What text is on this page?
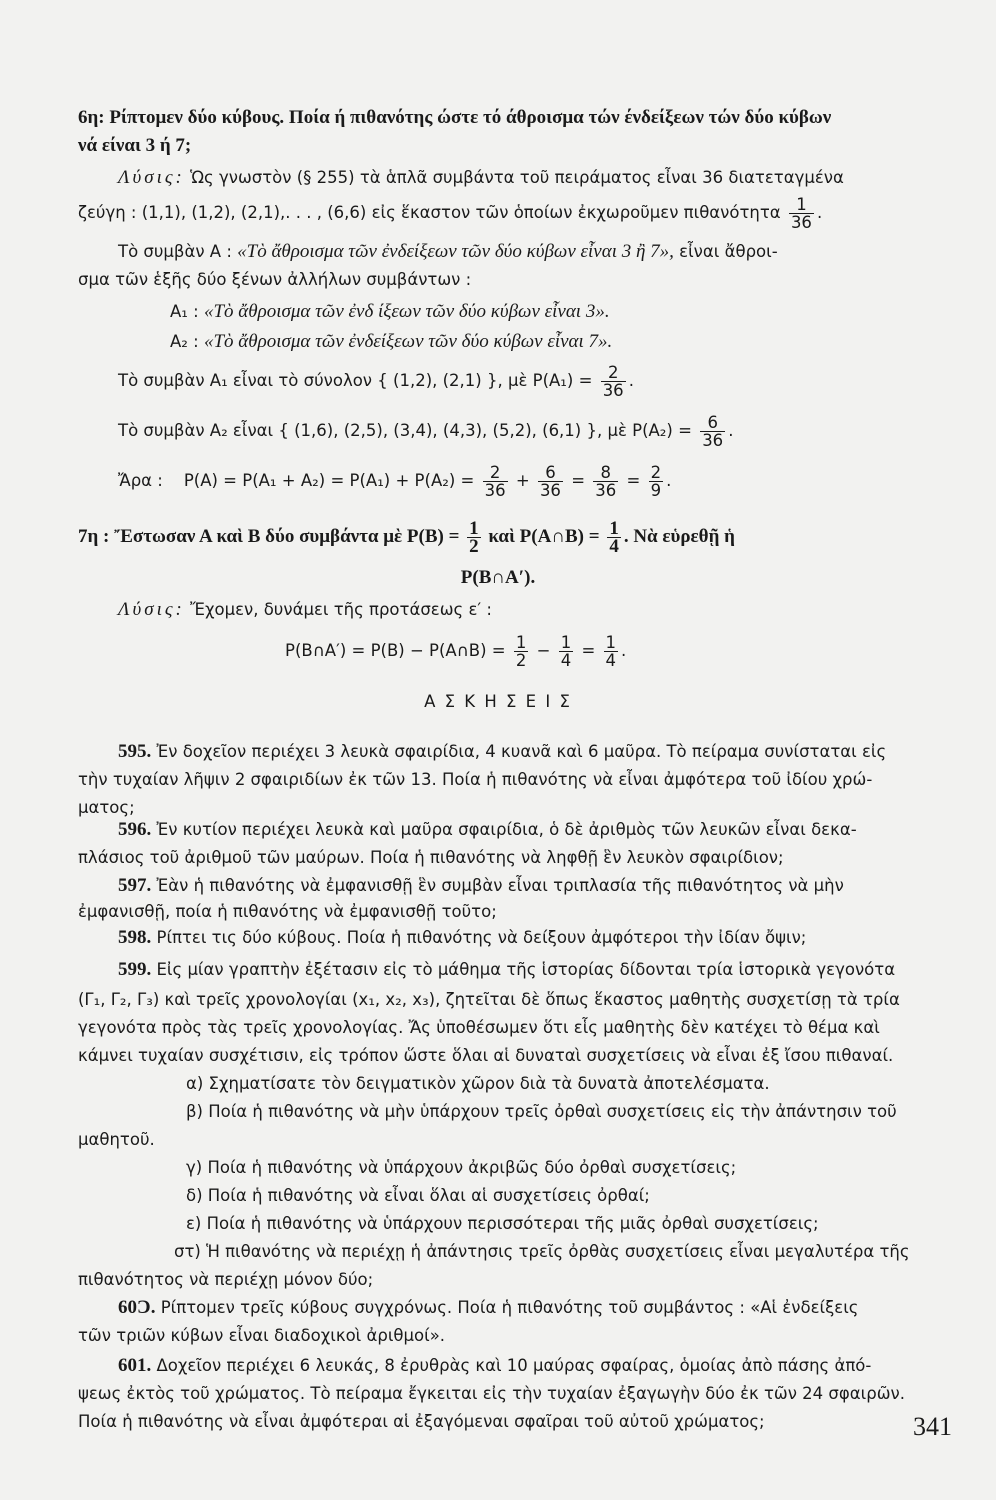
6η: Ρίπτομεν δύο κύβους. Ποία ή πιθανότης ώστε τό άθροισμα τών ένδείξεων τών δύο κύβων
νά είναι 3 ή 7;
Λύσις: Ὡς γνωστὸν (§ 255) τὰ ἁπλᾶ συμβάντα τοῦ πειράματος εἶναι 36 διατεταγμένα
ζεύγη : (1,1), (1,2), (2,1),. . . , (6,6) εἰς ἕκαστον τῶν ὁποίων ἐκχωροῦμεν πιθανότητα $\frac{1}{36}$ .
Τὸ συμβὰν Α : «Τὸ ἄθροισμα τῶν ἐνδείξεων τῶν δύο κύβων εἶναι 3 ἢ 7», εἶναι ἄθροι-
σμα τῶν ἑξῆς δύο ξένων ἀλλήλων συμβάντων :
Α₁ : «Τὸ ἄθροισμα τῶν ἐνδ ίξεων τῶν δύο κύβων εἶναι 3».
Α₂ : «Τὸ ἄθροισμα τῶν ἐνδείξεων τῶν δύο κύβων εἶναι 7».
Τὸ συμβὰν Α₁ εἶναι τὸ σύνολον { (1,2), (2,1) }, μὲ $P(A_1) = \frac{2}{36}$ .
Τὸ συμβὰν Α₂ εἶναι { (1,6), (2,5), (3,4), (4,3), (5,2), (6,1) }, μὲ $P(A_2) = \frac{6}{36}$ .
Ἄρα : $P(A) = P(A_1 + A_2) = P(A_1) + P(A_2) = \frac{2}{36} + \frac{6}{36} = \frac{8}{36} = \frac{2}{9}$ .
7η : Ἔστωσαν Α καὶ Β δύο συμβάντα μὲ $P(B) = \frac{1}{2}$ καὶ P(A∩B) = $\frac{1}{4}$ . Νὰ εὑρεθῇ ἡ
P(B∩A′).
Λύσις: Ἔχομεν, δυνάμει τῆς προτάσεως ε′ :
P(B∩A′) = P(B) − P(A∩B) = $\frac{1}{2} - \frac{1}{4} = \frac{1}{4}$ .
Α Σ Κ Η Σ Ε Ι Σ
595. Ἐν δοχεῖον περιέχει 3 λευκὰ σφαιρίδια, 4 κυανᾶ καὶ 6 μαῦρα. Τὸ πείραμα συνίσταται εἰς
τὴν τυχαίαν λῆψιν 2 σφαιριδίων ἐκ τῶν 13. Ποία ἡ πιθανότης νὰ εἶναι ἀμφότερα τοῦ ἰδίου χρώ-
ματος;
596. Ἐν κυτίον περιέχει λευκὰ καὶ μαῦρα σφαιρίδια, ὁ δὲ ἀριθμὸς τῶν λευκῶν εἶναι δεκα-
πλάσιος τοῦ ἀριθμοῦ τῶν μαύρων. Ποία ἡ πιθανότης νὰ ληφθῇ ἓν λευκὸν σφαιρίδιον;
597. Ἐὰν ἡ πιθανότης νὰ ἐμφανισθῇ ἓν συμβὰν εἶναι τριπλασία τῆς πιθανότητος νὰ μὴν
ἐμφανισθῇ, ποία ἡ πιθανότης νὰ ἐμφανισθῇ τοῦτο;
598. Ρίπτει τις δύο κύβους. Ποία ἡ πιθανότης νὰ δείξουν ἀμφότεροι τὴν ἰδίαν ὄψιν;
599. Εἰς μίαν γραπτὴν ἐξέτασιν εἰς τὸ μάθημα τῆς ἱστορίας δίδονται τρία ἱστορικὰ γεγονότα
(Γ₁, Γ₂, Γ₃) καὶ τρεῖς χρονολογίαι (x₁, x₂, x₃), ζητεῖται δὲ ὅπως ἕκαστος μαθητὴς συσχετίσῃ τὰ τρία
γεγονότα πρὸς τὰς τρεῖς χρονολογίας. Ἄς ὑποθέσωμεν ὅτι εἷς μαθητὴς δὲν κατέχει τὸ θέμα καὶ
κάμνει τυχαίαν συσχέτισιν, εἰς τρόπον ὥστε ὅλαι αἱ δυναταὶ συσχετίσεις νὰ εἶναι ἐξ ἴσου πιθαναί.
α) Σχηματίσατε τὸν δειγματικὸν χῶρον διὰ τὰ δυνατὰ ἀποτελέσματα.
β) Ποία ἡ πιθανότης νὰ μὴν ὑπάρχουν τρεῖς ὀρθαὶ συσχετίσεις εἰς τὴν ἀπάντησιν τοῦ
μαθητοῦ.
γ) Ποία ἡ πιθανότης νὰ ὑπάρχουν ἀκριβῶς δύο ὀρθαὶ συσχετίσεις;
δ) Ποία ἡ πιθανότης νὰ εἶναι ὅλαι αἱ συσχετίσεις ὀρθαί;
ε) Ποία ἡ πιθανότης νὰ ὑπάρχουν περισσότεραι τῆς μιᾶς ὀρθαὶ συσχετίσεις;
στ) Ἡ πιθανότης νὰ περιέχῃ ἡ ἀπάντησις τρεῖς ὀρθὰς συσχετίσεις εἶναι μεγαλυτέρα τῆς
πιθανότητος νὰ περιέχῃ μόνον δύο;
60Ͻ. Ρίπτομεν τρεῖς κύβους συγχρόνως. Ποία ἡ πιθανότης τοῦ συμβάντος : «Αἱ ἐνδείξεις
τῶν τριῶν κύβων εἶναι διαδοχικοὶ ἀριθμοί».
601. Δοχεῖον περιέχει 6 λευκάς, 8 ἐρυθρὰς καὶ 10 μαύρας σφαίρας, ὁμοίας ἀπὸ πάσης ἀπό-
ψεως ἐκτὸς τοῦ χρώματος. Τὸ πείραμα ἔγκειται εἰς τὴν τυχαίαν ἐξαγωγὴν δύο ἐκ τῶν 24 σφαιρῶν.
Ποία ἡ πιθανότης νὰ εἶναι ἀμφότεραι αἱ ἐξαγόμεναι σφαῖραι τοῦ αὐτοῦ χρώματος;	341
